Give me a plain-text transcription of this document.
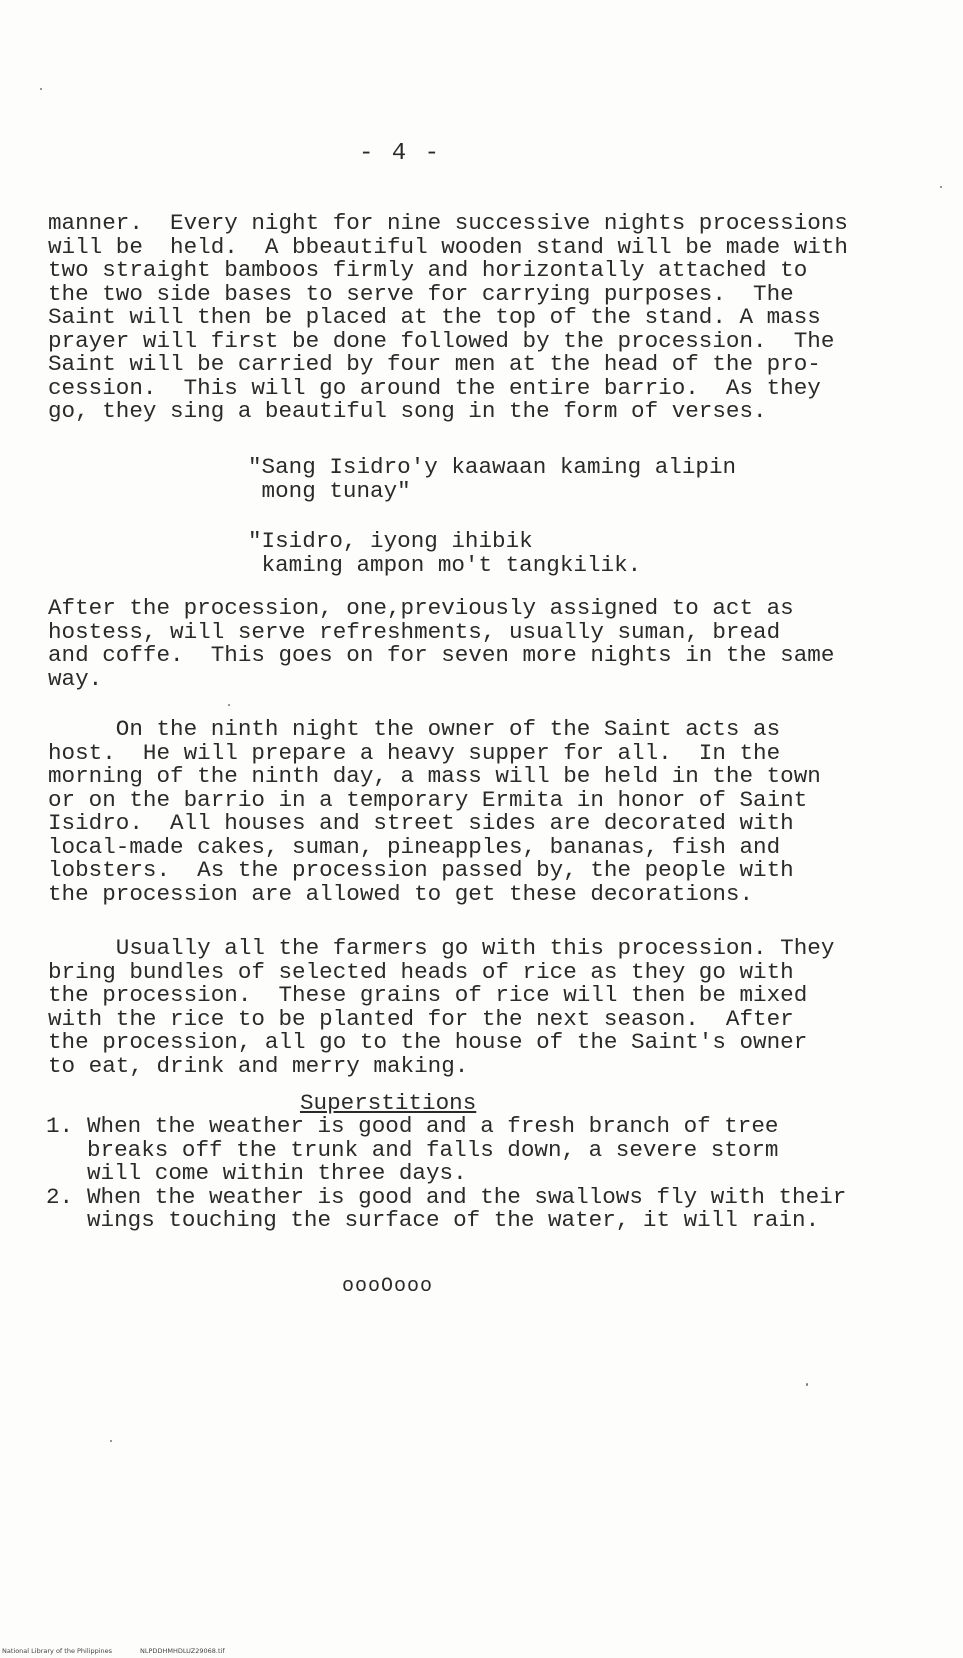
- 4 -
manner.  Every night for nine successive nights processions
will be  held.  A bbeautiful wooden stand will be made with
two straight bamboos firmly and horizontally attached to
the two side bases to serve for carrying purposes.  The
Saint will then be placed at the top of the stand. A mass
prayer will first be done followed by the procession.  The
Saint will be carried by four men at the head of the pro-
cession.  This will go around the entire barrio.  As they
go, they sing a beautiful song in the form of verses.
"Sang Isidro'y kaawaan kaming alipin
mong tunay"
"Isidro, iyong ihibik
kaming ampon mo't tangkilik.
After the procession, one,previously assigned to act as
hostess, will serve refreshments, usually suman, bread
and coffe.  This goes on for seven more nights in the same
way.
On the ninth night the owner of the Saint acts as
host.  He will prepare a heavy supper for all.  In the
morning of the ninth day, a mass will be held in the town
or on the barrio in a temporary Ermita in honor of Saint
Isidro.  All houses and street sides are decorated with
local-made cakes, suman, pineapples, bananas, fish and
lobsters.  As the procession passed by, the people with
the procession are allowed to get these decorations.
Usually all the farmers go with this procession. They
bring bundles of selected heads of rice as they go with
the procession.  These grains of rice will then be mixed
with the rice to be planted for the next season.  After
the procession, all go to the house of the Saint's owner
to eat, drink and merry making.
Superstitions
1. When the weather is good and a fresh branch of tree
breaks off the trunk and falls down, a severe storm
will come within three days.
2. When the weather is good and the swallows fly with their
wings touching the surface of the water, it will rain.
oooOooo
National Library of the Philippines	NLPDDHMHDLUZ29068.tif
